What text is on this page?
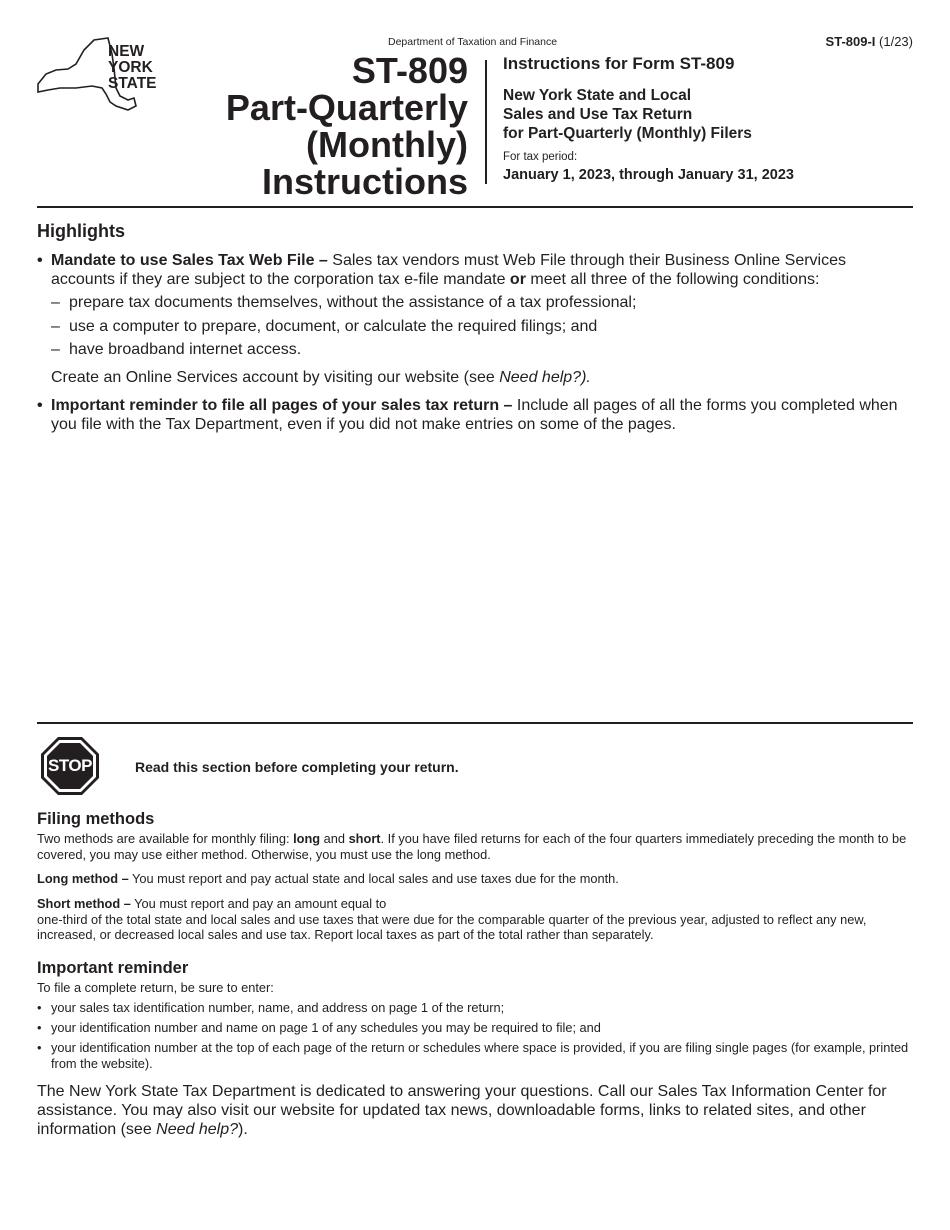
NEW
YORK
STATE
Department of Taxation and Finance	ST-809-I (1/23)
ST-809
Part-Quarterly
(Monthly)
Instructions
Instructions for Form ST-809
New York State and Local
Sales and Use Tax Return
for Part-Quarterly (Monthly) Filers
For tax period:
January 1, 2023, through January 31, 2023
Highlights
• Mandate to use Sales Tax Web File – Sales tax vendors must Web File through their Business Online Services accounts if they are subject to the corporation tax e-file mandate or meet all three of the following conditions:
– prepare tax documents themselves, without the assistance of a tax professional;
– use a computer to prepare, document, or calculate the required filings; and
– have broadband internet access.
Create an Online Services account by visiting our website (see Need help?).
• Important reminder to file all pages of your sales tax return – Include all pages of all the forms you completed when you file with the Tax Department, even if you did not make entries on some of the pages.
STOP	Read this section before completing your return.
Filing methods
Two methods are available for monthly filing: long and short. If you have filed returns for each of the four quarters immediately preceding the month to be covered, you may use either method. Otherwise, you must use the long method.
Long method – You must report and pay actual state and local sales and use taxes due for the month.
Short method – You must report and pay an amount equal to
one-third of the total state and local sales and use taxes that were due for the comparable quarter of the previous year, adjusted to reflect any new, increased, or decreased local sales and use tax. Report local taxes as part of the total rather than separately.
Important reminder
To file a complete return, be sure to enter:
• your sales tax identification number, name, and address on page 1 of the return;
• your identification number and name on page 1 of any schedules you may be required to file; and
• your identification number at the top of each page of the return or schedules where space is provided, if you are filing single pages (for example, printed from the website).
The New York State Tax Department is dedicated to answering your questions. Call our Sales Tax Information Center for assistance. You may also visit our website for updated tax news, downloadable forms, links to related sites, and other information (see Need help?).
